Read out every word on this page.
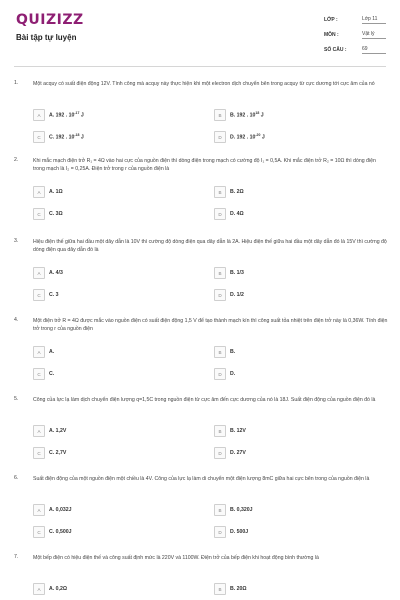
QUIZIZZ
Bài tập tự luyện
LỚP :	Lớp 11
MÔN :	Vật lý
SỐ CÂU :	69
1.	Một acquy có suất điện động 12V. Tính công mà acquy này thực hiện khi một electron dịch chuyển bên trong acquy từ cực dương tới cực âm của nó
A	A. 192 . $10^{-17}$ J	B	B. 192 . $10^{18}$ J
C	C. 192 . $10^{-18}$ J	D	D. 192 . $10^{-20}$ J
2.	Khi mắc mạch điện trở R₁ = 4Ω vào hai cực của nguồn điện thì dòng điện trong mạch có cường độ I₁ = 0,5A. Khi mắc điện trở R₂ = 10Ω thì dòng điện trong mạch là I₂ = 0,25A. Điện trở trong r của nguồn điện là
A	A. 1Ω	B	B. 2Ω
C	C. 3Ω	D	D. 4Ω
3.	Hiệu điện thế giữa hai đầu một dây dẫn là 10V thì cường độ dòng điện qua dây dẫn là 2A. Hiệu điện thế giữa hai đầu một dây dẫn đó là 15V thì cường độ dòng điện qua dây dẫn đó là
A	A. 4/3	B	B. 1/3
C	C. 3	D	D. 1/2
4.	Một điện trở R = 4Ω được mắc vào nguồn điện có suất điện động 1,5 V để tạo thành mạch kín thì công suất tỏa nhiệt trên điện trở này là 0,36W. Tính điện trở trong r của nguồn điện
A	A.	B	B.
C	C.	D	D.
5.	Công của lực lạ làm dịch chuyển điện lượng q=1,5C trong nguồn điện từ cực âm đến cực dương của nó là 18J. Suất điện động của nguồn điện đó là
A	A. 1,2V	B	B. 12V
C	C. 2,7V	D	D. 27V
6.	Suất điện động của một nguồn điện một chiều là 4V. Công của lực lạ làm di chuyển một điện lượng 8mC giữa hai cực bên trong của nguồn điện là
A	A. 0,032J	B	B. 0,320J
C	C. 0,500J	D	D. 500J
7.	Một bếp điện có hiệu điện thế và công suất định mức là 220V và 1100W. Điện trở của bếp điện khi hoạt động bình thường là
A	A. 0,2Ω	B	B. 20Ω
